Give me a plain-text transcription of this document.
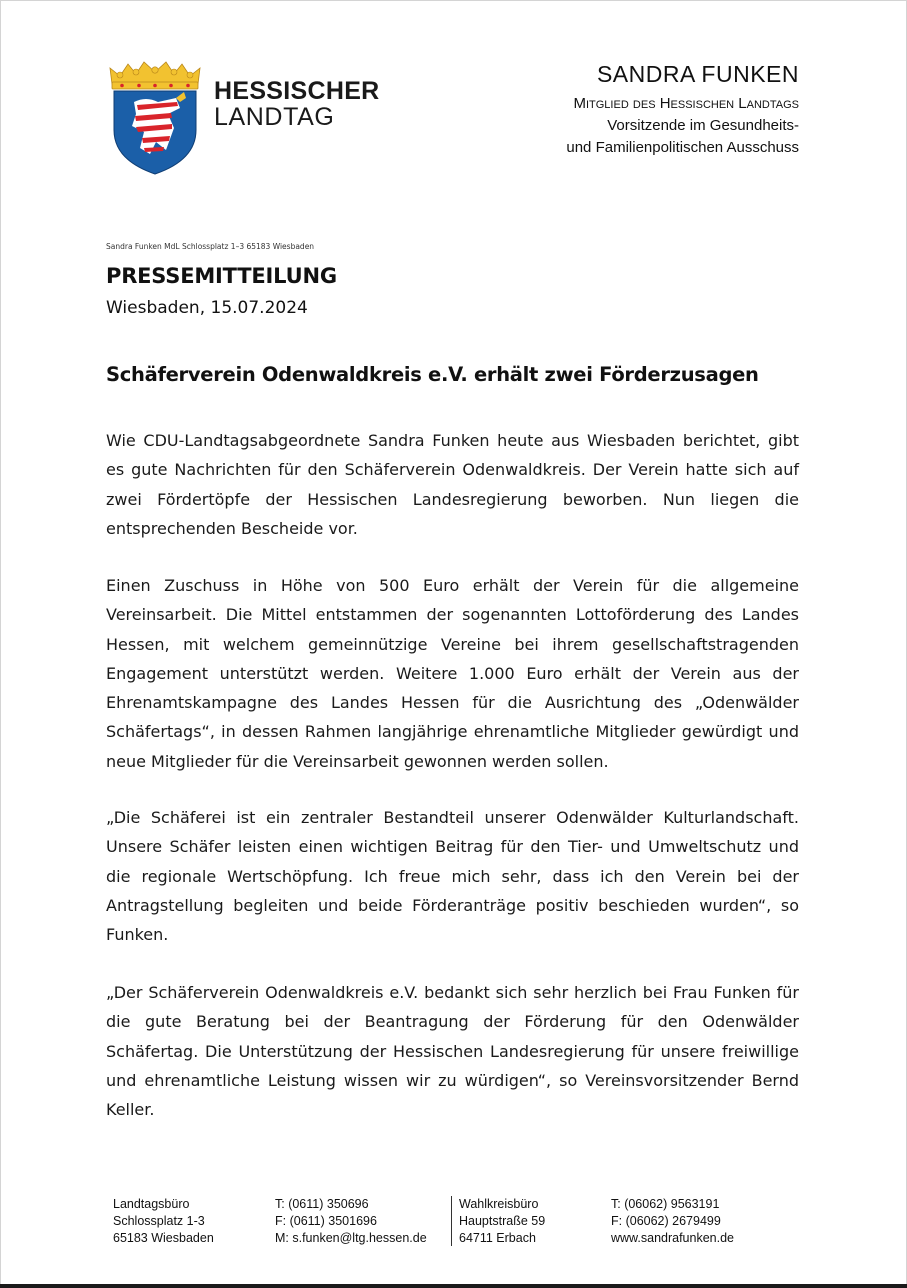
HESSISCHER
LANDTAG
SANDRA FUNKEN
Mitglied des Hessischen Landtags
Vorsitzende im Gesundheits-
und Familienpolitischen Ausschuss
Sandra Funken MdL Schlossplatz 1–3 65183 Wiesbaden
PRESSEMITTEILUNG
Wiesbaden, 15.07.2024
Schäferverein Odenwaldkreis e.V. erhält zwei Förderzusagen

Wie CDU-Landtagsabgeordnete Sandra Funken heute aus Wiesbaden berichtet, gibt es gute Nachrichten für den Schäferverein Odenwaldkreis. Der Verein hatte sich auf zwei Fördertöpfe der Hessischen Landesregierung beworben. Nun liegen die entsprechenden Bescheide vor.

Einen Zuschuss in Höhe von 500 Euro erhält der Verein für die allgemeine Vereinsarbeit. Die Mittel entstammen der sogenannten Lottoförderung des Landes Hessen, mit welchem gemeinnützige Vereine bei ihrem gesellschaftstragenden Engagement unterstützt werden. Weitere 1.000 Euro erhält der Verein aus der Ehrenamtskampagne des Landes Hessen für die Ausrichtung des „Odenwälder Schäfertags“, in dessen Rahmen langjährige ehrenamtliche Mitglieder gewürdigt und neue Mitglieder für die Vereinsarbeit gewonnen werden sollen.

„Die Schäferei ist ein zentraler Bestandteil unserer Odenwälder Kulturlandschaft. Unsere Schäfer leisten einen wichtigen Beitrag für den Tier- und Umweltschutz und die regionale Wertschöpfung. Ich freue mich sehr, dass ich den Verein bei der Antragstellung begleiten und beide Förderanträge positiv beschieden wurden“, so Funken.

„Der Schäferverein Odenwaldkreis e.V. bedankt sich sehr herzlich bei Frau Funken für die gute Beratung bei der Beantragung der Förderung für den Odenwälder Schäfertag. Die Unterstützung der Hessischen Landesregierung für unsere freiwillige und ehrenamtliche Leistung wissen wir zu würdigen“, so Vereinsvorsitzender Bernd Keller.

Landtagsbüro
Schlossplatz 1-3
65183 Wiesbaden
T: (0611) 350696
F: (0611) 3501696
M: s.funken@ltg.hessen.de
Wahlkreisbüro
Hauptstraße 59
64711 Erbach
T: (06062) 9563191
F: (06062) 2679499
www.sandrafunken.de
